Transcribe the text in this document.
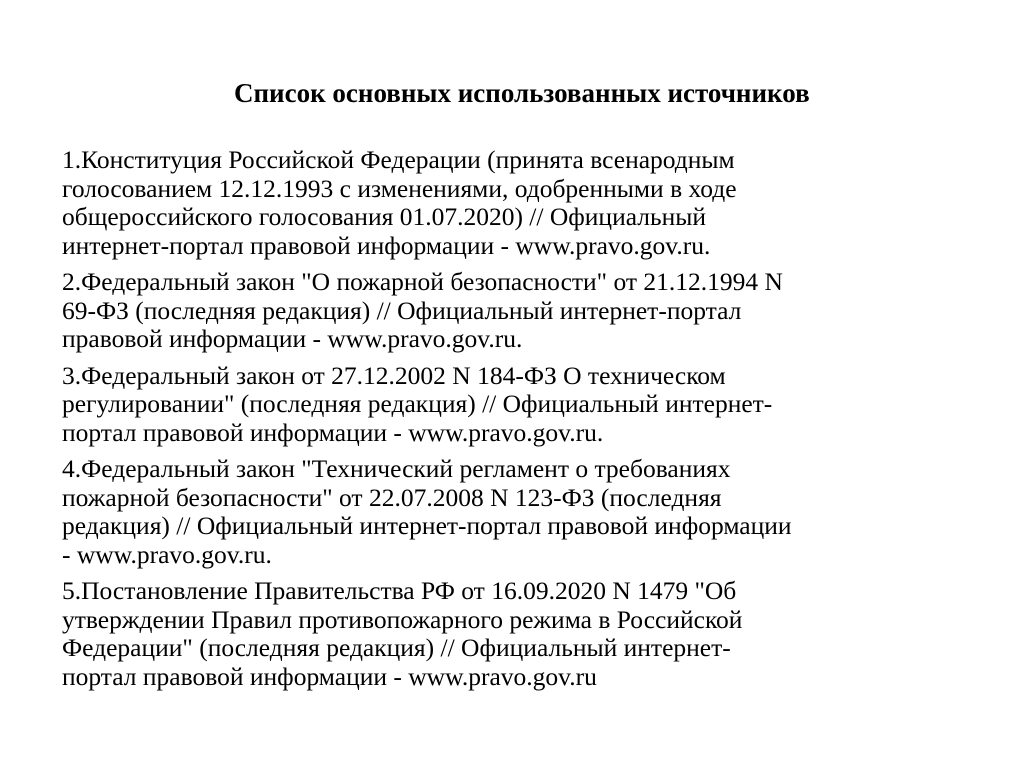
Список основных использованных источников
1.Конституция Российской Федерации (принята всенародным
голосованием 12.12.1993 с изменениями, одобренными в ходе
общероссийского голосования 01.07.2020) // Официальный
интернет-портал правовой информации - www.pravo.gov.ru.
2.Федеральный закон "О пожарной безопасности" от 21.12.1994 N
69-ФЗ (последняя редакция) // Официальный интернет-портал
правовой информации - www.pravo.gov.ru.
3.Федеральный закон от 27.12.2002 N 184-ФЗ О техническом
регулировании" (последняя редакция) // Официальный интернет-
портал правовой информации - www.pravo.gov.ru.
4.Федеральный закон "Технический регламент о требованиях
пожарной безопасности" от 22.07.2008 N 123-ФЗ (последняя
редакция) // Официальный интернет-портал правовой информации
- www.pravo.gov.ru.
5.Постановление Правительства РФ от 16.09.2020 N 1479 "Об
утверждении Правил противопожарного режима в Российской
Федерации" (последняя редакция) // Официальный интернет-
портал правовой информации - www.pravo.gov.ru
